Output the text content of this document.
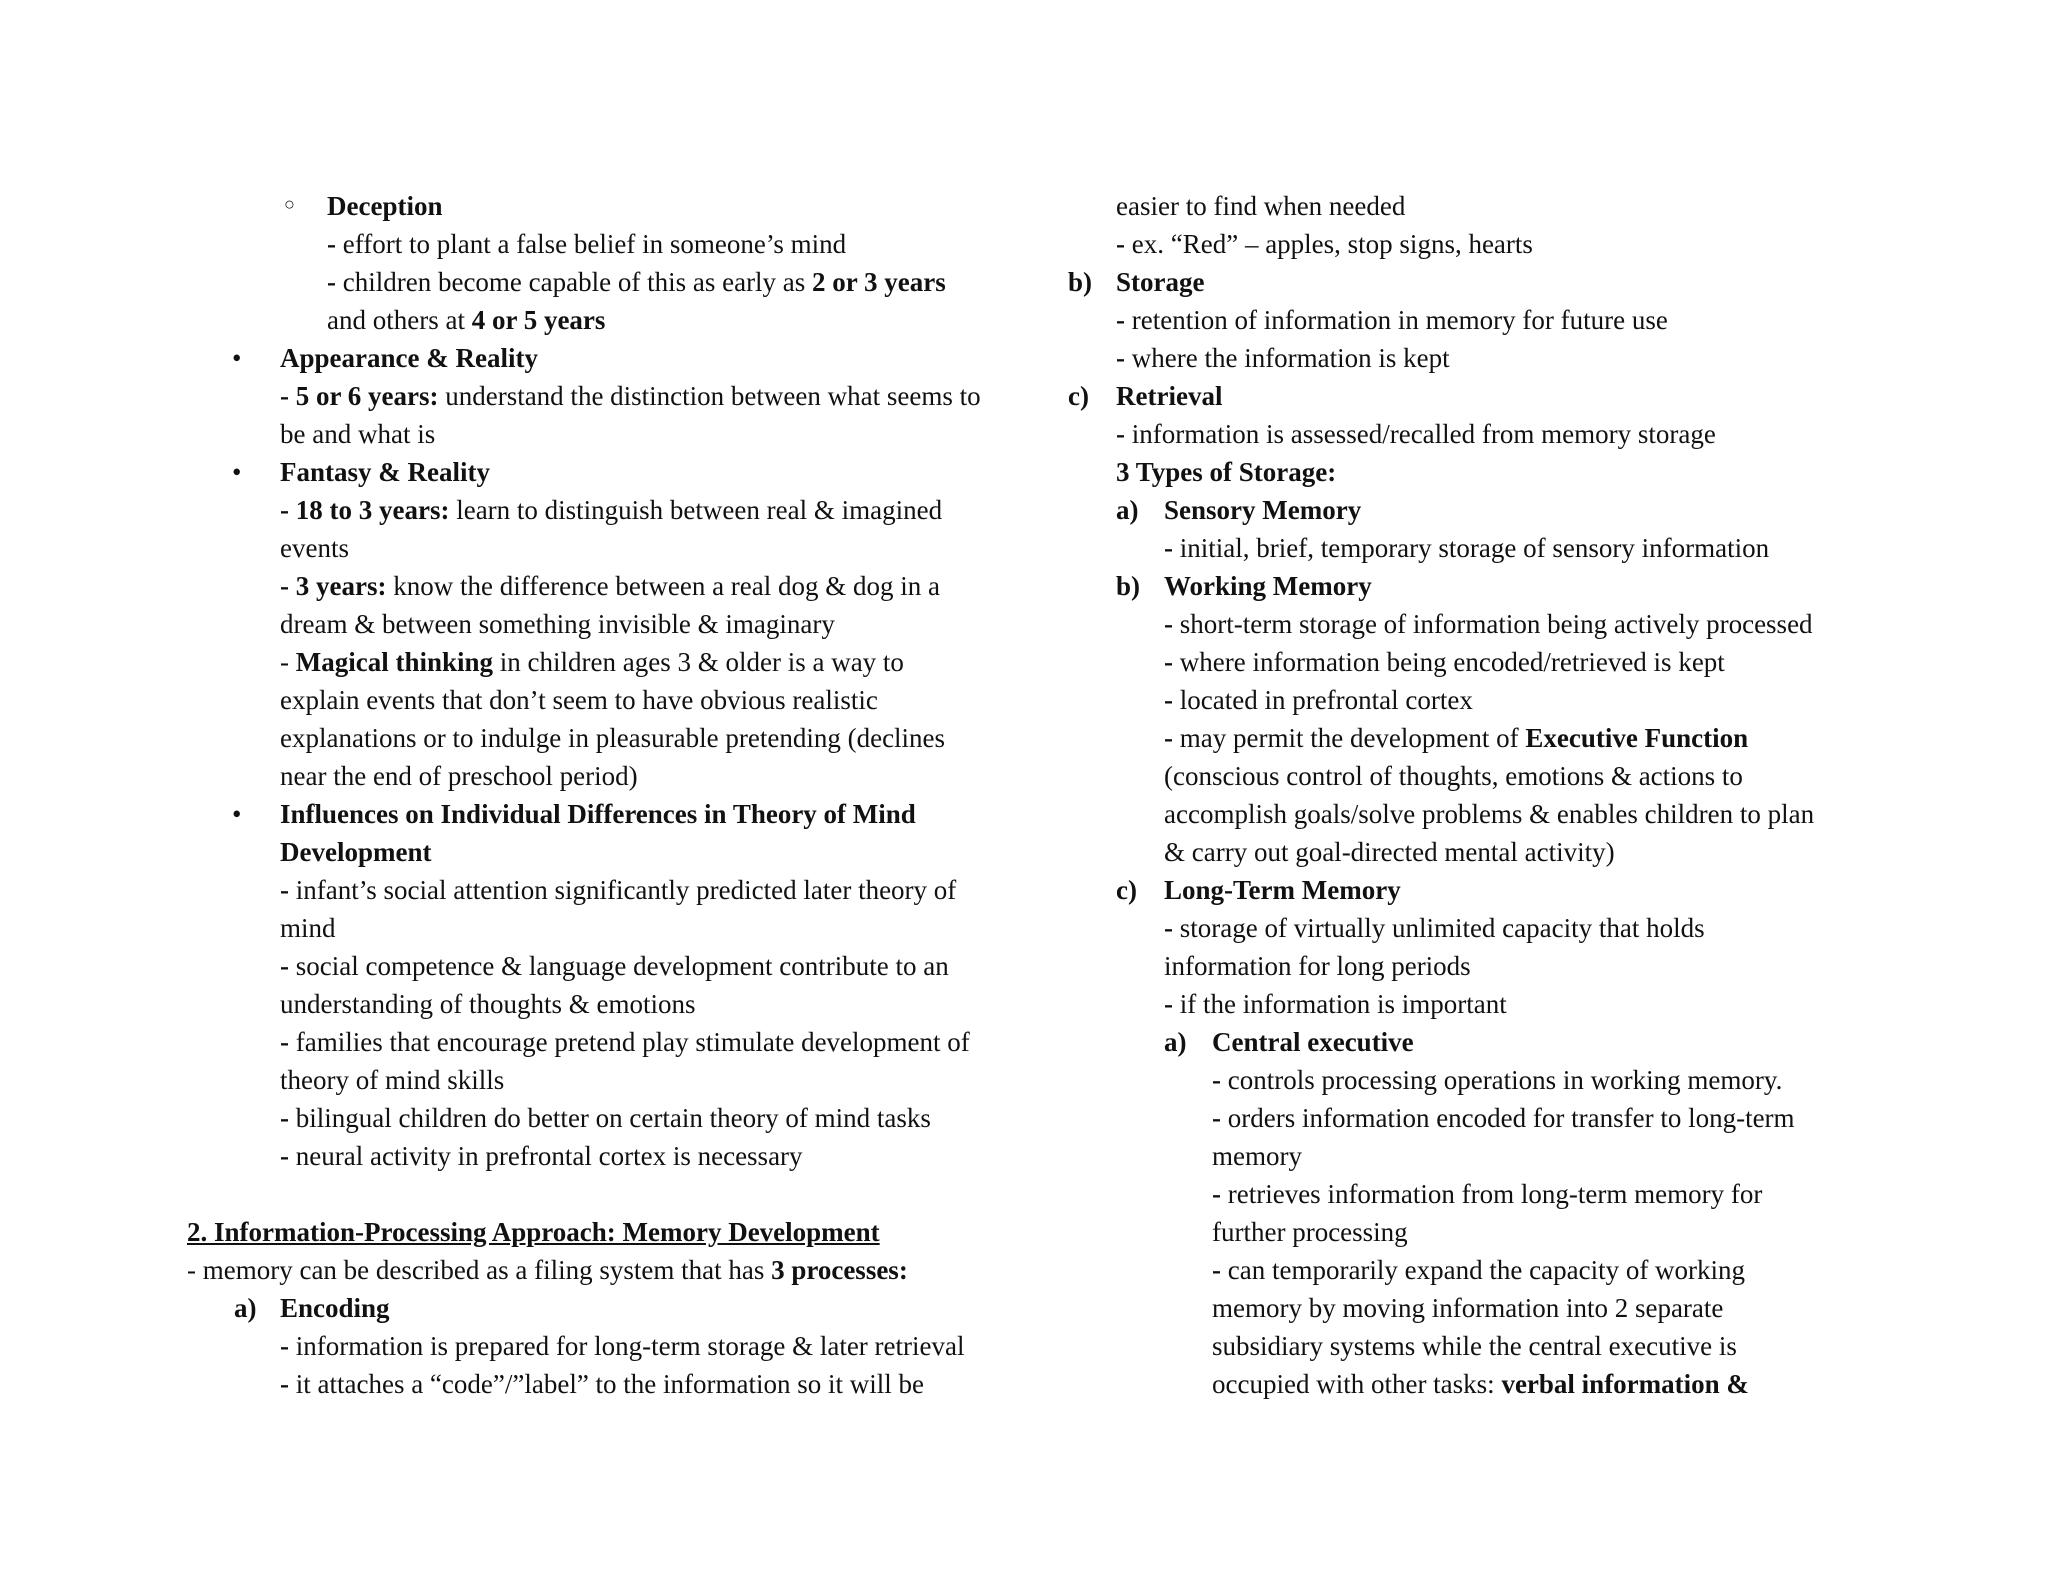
○ Deception
- effort to plant a false belief in someone’s mind
- children become capable of this as early as 2 or 3 years
and others at 4 or 5 years
• Appearance & Reality
- 5 or 6 years: understand the distinction between what seems to
be and what is
• Fantasy & Reality
- 18 to 3 years: learn to distinguish between real & imagined
events
- 3 years: know the difference between a real dog & dog in a
dream & between something invisible & imaginary
- Magical thinking in children ages 3 & older is a way to
explain events that don’t seem to have obvious realistic
explanations or to indulge in pleasurable pretending (declines
near the end of preschool period)
• Influences on Individual Differences in Theory of Mind
Development
- infant’s social attention significantly predicted later theory of
mind
- social competence & language development contribute to an
understanding of thoughts & emotions
- families that encourage pretend play stimulate development of
theory of mind skills
- bilingual children do better on certain theory of mind tasks
- neural activity in prefrontal cortex is necessary
2. Information-Processing Approach: Memory Development
- memory can be described as a filing system that has 3 processes:
a) Encoding
- information is prepared for long-term storage & later retrieval
- it attaches a “code”/”label” to the information so it will be
easier to find when needed
- ex. “Red” – apples, stop signs, hearts
b) Storage
- retention of information in memory for future use
- where the information is kept
c) Retrieval
- information is assessed/recalled from memory storage
3 Types of Storage:
a) Sensory Memory
- initial, brief, temporary storage of sensory information
b) Working Memory
- short-term storage of information being actively processed
- where information being encoded/retrieved is kept
- located in prefrontal cortex
- may permit the development of Executive Function
(conscious control of thoughts, emotions & actions to
accomplish goals/solve problems & enables children to plan
& carry out goal-directed mental activity)
c) Long-Term Memory
- storage of virtually unlimited capacity that holds
information for long periods
- if the information is important
a) Central executive
- controls processing operations in working memory.
- orders information encoded for transfer to long-term
memory
- retrieves information from long-term memory for
further processing
- can temporarily expand the capacity of working
memory by moving information into 2 separate
subsidiary systems while the central executive is
occupied with other tasks: verbal information &
